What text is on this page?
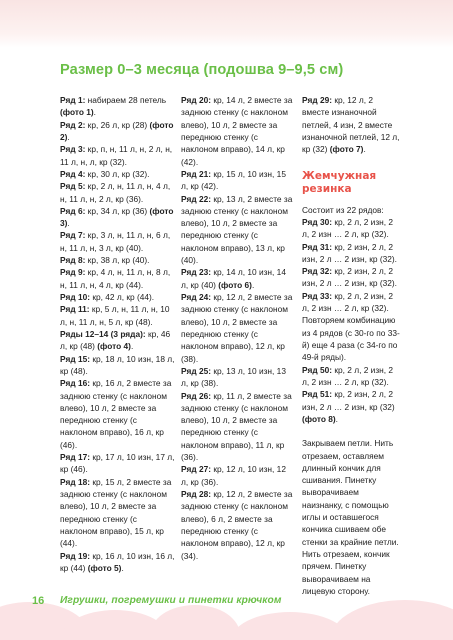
Размер 0–3 месяца (подошва 9–9,5 см)

Ряд 1: набираем 28 петель (фото 1).

Ряд 2: кр, 26 л, кр (28) (фото 2).

Ряд 3: кр, п, н, 11 л, н, 2 л, н, 11 л, н, л, кр (32).

Ряд 4: кр, 30 л, кр (32).

Ряд 5: кр, 2 л, н, 11 л, н, 4 л, н, 11 л, н, 2 л, кр (36).

Ряд 6: кр, 34 л, кр (36) (фото 3).

Ряд 7: кр, 3 л, н, 11 л, н, 6 л, н, 11 л, н, 3 л, кр (40).

Ряд 8: кр, 38 л, кр (40).

Ряд 9: кр, 4 л, н, 11 л, н, 8 л, н, 11 л, н, 4 л, кр (44).

Ряд 10: кр, 42 л, кр (44).

Ряд 11: кр, 5 л, н, 11 л, н, 10 л, н, 11 л, н, 5 л, кр (48).

Ряды 12–14 (3 ряда): кр, 46 л, кр (48) (фото 4).

Ряд 15: кр, 18 л, 10 изн, 18 л, кр (48).

Ряд 16: кр, 16 л, 2 вместе за заднюю стенку (с наклоном влево), 10 л, 2 вместе за переднюю стенку (с наклоном вправо), 16 л, кр (46).

Ряд 17: кр, 17 л, 10 изн, 17 л, кр (46).

Ряд 18: кр, 15 л, 2 вместе за заднюю стенку (с наклоном влево), 10 л, 2 вместе за переднюю стенку (с наклоном вправо), 15 л, кр (44).

Ряд 19: кр, 16 л, 10 изн, 16 л, кр (44) (фото 5).

Ряд 20: кр, 14 л, 2 вместе за заднюю стенку (с наклоном влево), 10 л, 2 вместе за переднюю стенку (с наклоном вправо), 14 л, кр (42).

Ряд 21: кр, 15 л, 10 изн, 15 л, кр (42).

Ряд 22: кр, 13 л, 2 вместе за заднюю стенку (с наклоном влево), 10 л, 2 вместе за переднюю стенку (с наклоном вправо), 13 л, кр (40).

Ряд 23: кр, 14 л, 10 изн, 14 л, кр (40) (фото 6).

Ряд 24: кр, 12 л, 2 вместе за заднюю стенку (с наклоном влево), 10 л, 2 вместе за переднюю стенку (с наклоном вправо), 12 л, кр (38).

Ряд 25: кр, 13 л, 10 изн, 13 л, кр (38).

Ряд 26: кр, 11 л, 2 вместе за заднюю стенку (с наклоном влево), 10 л, 2 вместе за переднюю стенку (с наклоном вправо), 11 л, кр (36).

Ряд 27: кр, 12 л, 10 изн, 12 л, кр (36).

Ряд 28: кр, 12 л, 2 вместе за заднюю стенку (с наклоном влево), 6 л, 2 вместе за переднюю стенку (с наклоном вправо), 12 л, кр (34).

Ряд 29: кр, 12 л, 2 вместе изнаночной петлей, 4 изн, 2 вместе изнаночной петлей, 12 л, кр (32) (фото 7).

Жемчужная резинка

Состоит из 22 рядов:

Ряд 30: кр, 2 л, 2 изн, 2 л, 2 изн … 2 л, кр (32).

Ряд 31: кр, 2 изн, 2 л, 2 изн, 2 л … 2 изн, кр (32).

Ряд 32: кр, 2 изн, 2 л, 2 изн, 2 л … 2 изн, кр (32).

Ряд 33: кр, 2 л, 2 изн, 2 л, 2 изн … 2 л, кр (32).

Повторяем комбинацию из 4 рядов (с 30-го по 33-й) еще 4 раза (с 34-го по 49-й ряды).

Ряд 50: кр, 2 л, 2 изн, 2 л, 2 изн … 2 л, кр (32).

Ряд 51: кр, 2 изн, 2 л, 2 изн, 2 л … 2 изн, кр (32) (фото 8).

Закрываем петли. Нить отрезаем, оставляем длинный кончик для сшивания. Пинетку выворачиваем наизнанку, с помощью иглы и оставшегося кончика сшиваем обе стенки за крайние петли. Нить отрезаем, кончик прячем. Пинетку выворачиваем на лицевую сторону.

16 Игрушки, погремушки и пинетки крючком
